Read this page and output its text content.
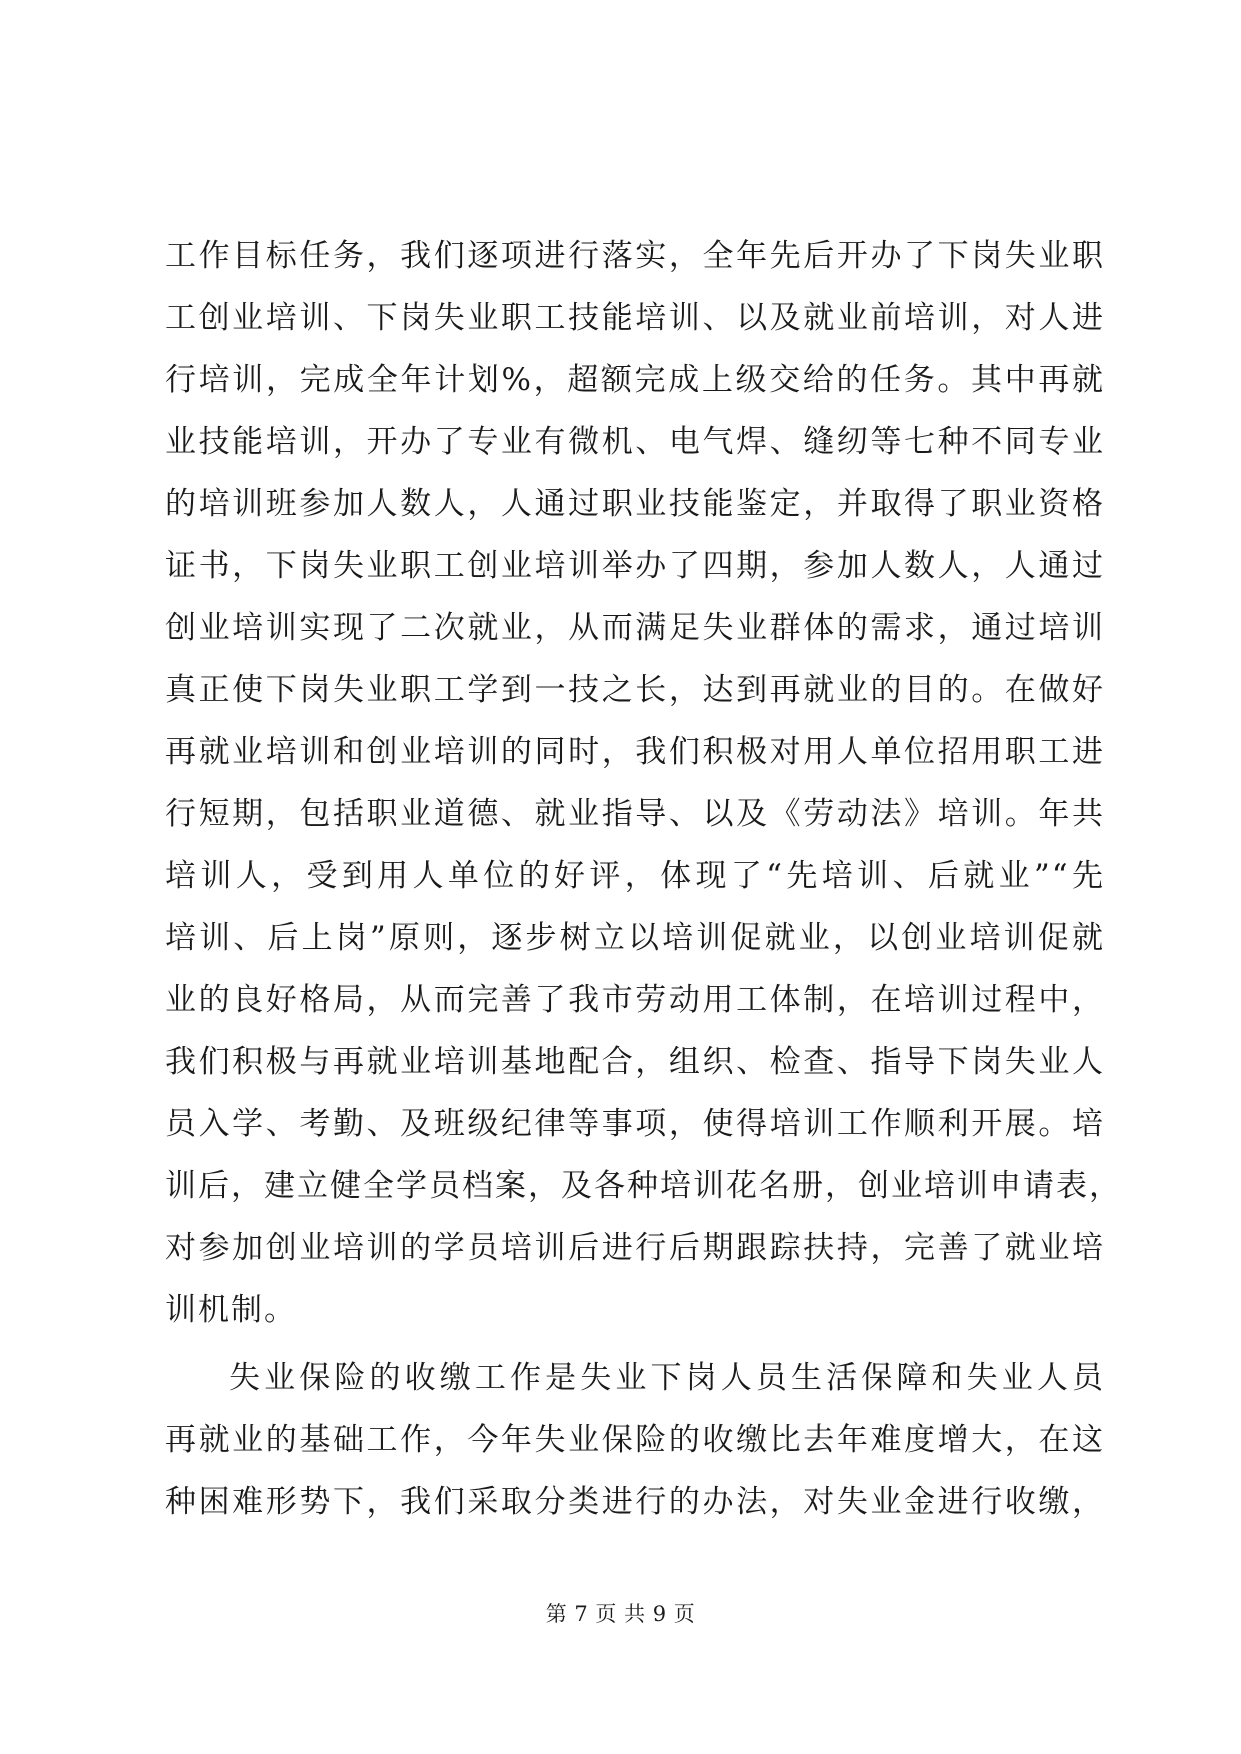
工作目标任务，我们逐项进行落实，全年先后开办了下岗失业职
工创业培训、下岗失业职工技能培训、以及就业前培训，对人进
行培训，完成全年计划%，超额完成上级交给的任务。其中再就
业技能培训，开办了专业有微机、电气焊、缝纫等七种不同专业
的培训班参加人数人，人通过职业技能鉴定，并取得了职业资格
证书，下岗失业职工创业培训举办了四期，参加人数人，人通过
创业培训实现了二次就业，从而满足失业群体的需求，通过培训
真正使下岗失业职工学到一技之长，达到再就业的目的。在做好
再就业培训和创业培训的同时，我们积极对用人单位招用职工进
行短期，包括职业道德、就业指导、以及《劳动法》培训。年共
培训人，受到用人单位的好评，体现了“先培训、后就业”“先
培训、后上岗”原则，逐步树立以培训促就业，以创业培训促就
业的良好格局，从而完善了我市劳动用工体制，在培训过程中，
我们积极与再就业培训基地配合，组织、检查、指导下岗失业人
员入学、考勤、及班级纪律等事项，使得培训工作顺利开展。培
训后，建立健全学员档案，及各种培训花名册，创业培训申请表，
对参加创业培训的学员培训后进行后期跟踪扶持，完善了就业培
训机制。
失业保险的收缴工作是失业下岗人员生活保障和失业人员
再就业的基础工作，今年失业保险的收缴比去年难度增大，在这
种困难形势下，我们采取分类进行的办法，对失业金进行收缴，
第 7 页 共 9 页
